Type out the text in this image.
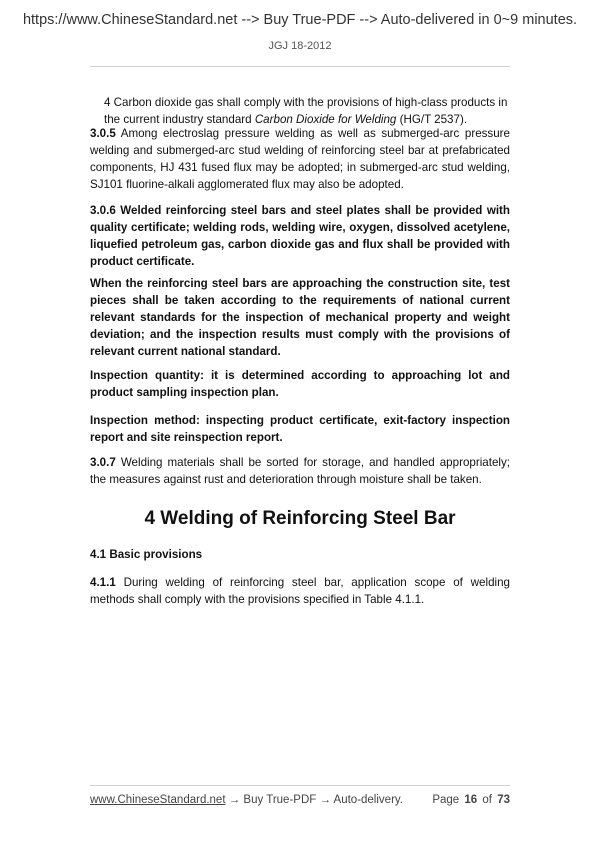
https://www.ChineseStandard.net --> Buy True-PDF --> Auto-delivered in 0~9 minutes.
JGJ 18-2012
4 Carbon dioxide gas shall comply with the provisions of high-class products in the current industry standard Carbon Dioxide for Welding (HG/T 2537).
3.0.5 Among electroslag pressure welding as well as submerged-arc pressure welding and submerged-arc stud welding of reinforcing steel bar at prefabricated components, HJ 431 fused flux may be adopted; in submerged-arc stud welding, SJ101 fluorine-alkali agglomerated flux may also be adopted.
3.0.6 Welded reinforcing steel bars and steel plates shall be provided with quality certificate; welding rods, welding wire, oxygen, dissolved acetylene, liquefied petroleum gas, carbon dioxide gas and flux shall be provided with product certificate.
When the reinforcing steel bars are approaching the construction site, test pieces shall be taken according to the requirements of national current relevant standards for the inspection of mechanical property and weight deviation; and the inspection results must comply with the provisions of relevant current national standard.
Inspection quantity: it is determined according to approaching lot and product sampling inspection plan.
Inspection method: inspecting product certificate, exit-factory inspection report and site reinspection report.
3.0.7 Welding materials shall be sorted for storage, and handled appropriately; the measures against rust and deterioration through moisture shall be taken.
4 Welding of Reinforcing Steel Bar
4.1 Basic provisions
4.1.1 During welding of reinforcing steel bar, application scope of welding methods shall comply with the provisions specified in Table 4.1.1.
www.ChineseStandard.net → Buy True-PDF → Auto-delivery.	Page 16 of 73
